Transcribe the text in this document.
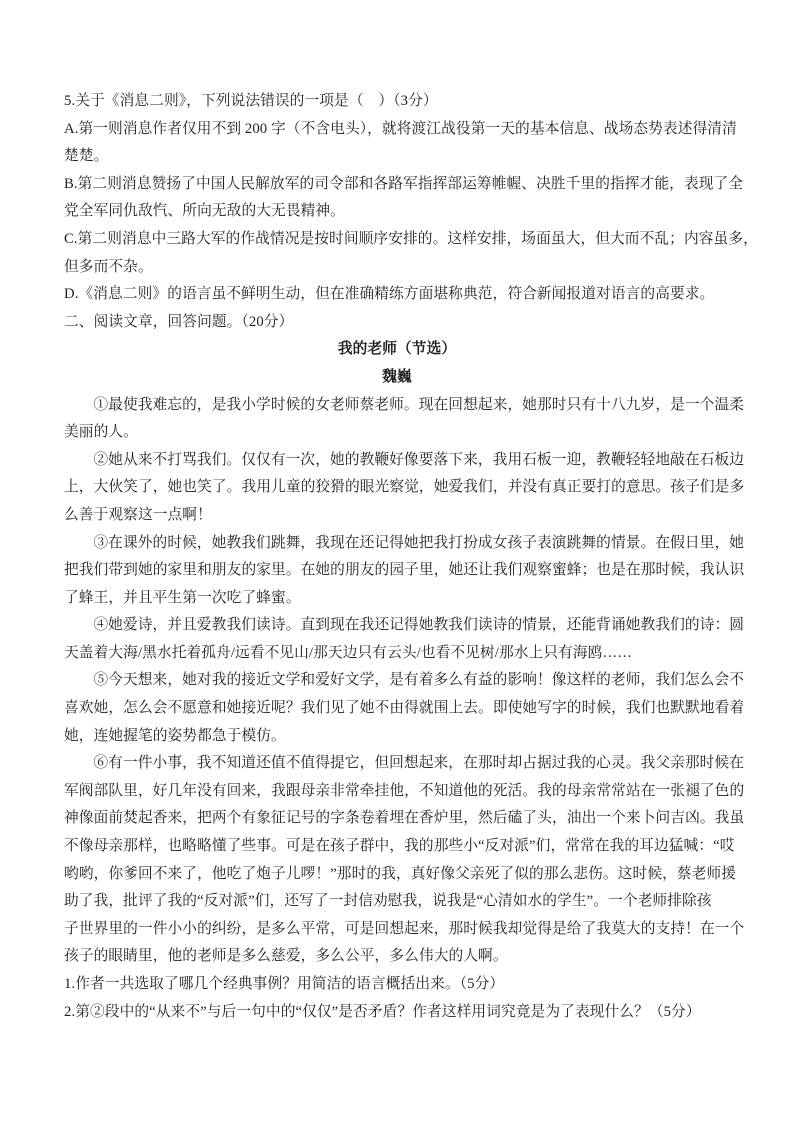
5.关于《消息二则》，下列说法错误的一项是（　）（3分）
A.第一则消息作者仅用不到 200 字（不含电头），就将渡江战役第一天的基本信息、战场态势表述得清清
楚楚。
B.第二则消息赞扬了中国人民解放军的司令部和各路军指挥部运筹帷幄、决胜千里的指挥才能，表现了全
党全军同仇敌忾、所向无敌的大无畏精神。
C.第二则消息中三路大军的作战情况是按时间顺序安排的。这样安排，场面虽大，但大而不乱；内容虽多，
但多而不杂。
D.《消息二则》的语言虽不鲜明生动，但在准确精练方面堪称典范，符合新闻报道对语言的高要求。
二、阅读文章，回答问题。（20分）
我的老师（节选）
魏巍
①最使我难忘的，是我小学时候的女老师蔡老师。现在回想起来，她那时只有十八九岁，是一个温柔
美丽的人。
②她从来不打骂我们。仅仅有一次，她的教鞭好像要落下来，我用石板一迎，教鞭轻轻地敲在石板边
上，大伙笑了，她也笑了。我用儿童的狡猾的眼光察觉，她爱我们，并没有真正要打的意思。孩子们是多
么善于观察这一点啊！
③在课外的时候，她教我们跳舞，我现在还记得她把我打扮成女孩子表演跳舞的情景。在假日里，她
把我们带到她的家里和朋友的家里。在她的朋友的园子里，她还让我们观察蜜蜂；也是在那时候，我认识
了蜂王，并且平生第一次吃了蜂蜜。
④她爱诗，并且爱教我们读诗。直到现在我还记得她教我们读诗的情景，还能背诵她教我们的诗：圆
天盖着大海/黑水托着孤舟/远看不见山/那天边只有云头/也看不见树/那水上只有海鸥……
⑤今天想来，她对我的接近文学和爱好文学，是有着多么有益的影响！像这样的老师，我们怎么会不
喜欢她，怎么会不愿意和她接近呢？我们见了她不由得就围上去。即使她写字的时候，我们也默默地看着
她，连她握笔的姿势都急于模仿。
⑥有一件小事，我不知道还值不值得提它，但回想起来，在那时却占据过我的心灵。我父亲那时候在
军阀部队里，好几年没有回来，我跟母亲非常牵挂他，不知道他的死活。我的母亲常常站在一张褪了色的
神像面前焚起香来，把两个有象征记号的字条卷着埋在香炉里，然后磕了头，油出一个来卜问吉凶。我虽
不像母亲那样，也略略懂了些事。可是在孩子群中，我的那些小“反对派”们，常常在我的耳边猛喊：“哎
哟哟，你爹回不来了，他吃了炮子儿啰！”那时的我，真好像父亲死了似的那么悲伤。这时候，蔡老师援
助了我，批评了我的“反对派”们，还写了一封信劝慰我，说我是“心清如水的学生”。一个老师排除孩
子世界里的一件小小的纠纷，是多么平常，可是回想起来，那时候我却觉得是给了我莫大的支持！在一个
孩子的眼睛里，他的老师是多么慈爱，多么公平，多么伟大的人啊。
1.作者一共选取了哪几个经典事例？用简洁的语言概括出来。（5分）
2.第②段中的“从来不”与后一句中的“仅仅”是否矛盾？作者这样用词究竟是为了表现什么？（5分）
